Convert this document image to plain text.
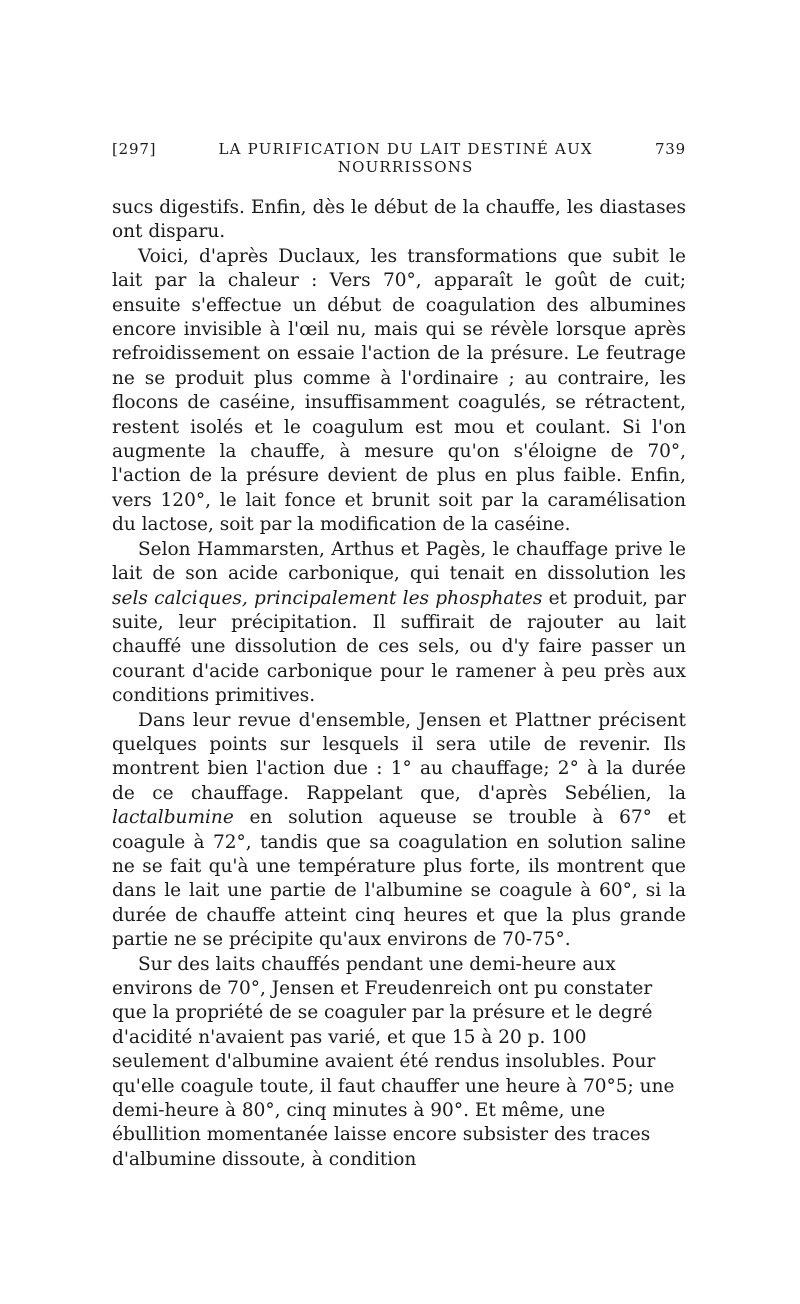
[297]	LA PURIFICATION DU LAIT DESTINÉ AUX NOURRISSONS
739

sucs digestifs. Enfin, dès le début de la chauffe, les diastases ont disparu.

Voici, d'après Duclaux, les transformations que subit le lait par la chaleur : Vers 70°, apparaît le goût de cuit; ensuite s'effectue un début de coagulation des albumines encore invisible à l'œil nu, mais qui se révèle lorsque après refroidissement on essaie l'action de la présure. Le feutrage ne se produit plus comme à l'ordinaire ; au contraire, les flocons de caséine, insuffisamment coagulés, se rétractent, restent isolés et le coagulum est mou et coulant. Si l'on augmente la chauffe, à mesure qu'on s'éloigne de 70°, l'action de la présure devient de plus en plus faible. Enfin, vers 120°, le lait fonce et brunit soit par la caramélisation du lactose, soit par la modification de la caséine.

Selon Hammarsten, Arthus et Pagès, le chauffage prive le lait de son acide carbonique, qui tenait en dissolution les sels calciques, principalement les phosphates et produit, par suite, leur précipitation. Il suffirait de rajouter au lait chauffé une dissolution de ces sels, ou d'y faire passer un courant d'acide carbonique pour le ramener à peu près aux conditions primitives.

Dans leur revue d'ensemble, Jensen et Plattner précisent quelques points sur lesquels il sera utile de revenir. Ils montrent bien l'action due : 1° au chauffage; 2° à la durée de ce chauffage. Rappelant que, d'après Sebélien, la lactalbumine en solution aqueuse se trouble à 67° et coagule à 72°, tandis que sa coagulation en solution saline ne se fait qu'à une température plus forte, ils montrent que dans le lait une partie de l'albumine se coagule à 60°, si la durée de chauffe atteint cinq heures et que la plus grande partie ne se précipite qu'aux environs de 70-75°.

Sur des laits chauffés pendant une demi-heure aux environs de 70°, Jensen et Freudenreich ont pu constater que la propriété de se coaguler par la présure et le degré d'acidité n'avaient pas varié, et que 15 à 20 p. 100 seulement d'albumine avaient été rendus insolubles. Pour qu'elle coagule toute, il faut chauffer une heure à 70°5; une demi-heure à 80°, cinq minutes à 90°. Et même, une ébullition momentanée laisse encore subsister des traces d'albumine dissoute, à condition
